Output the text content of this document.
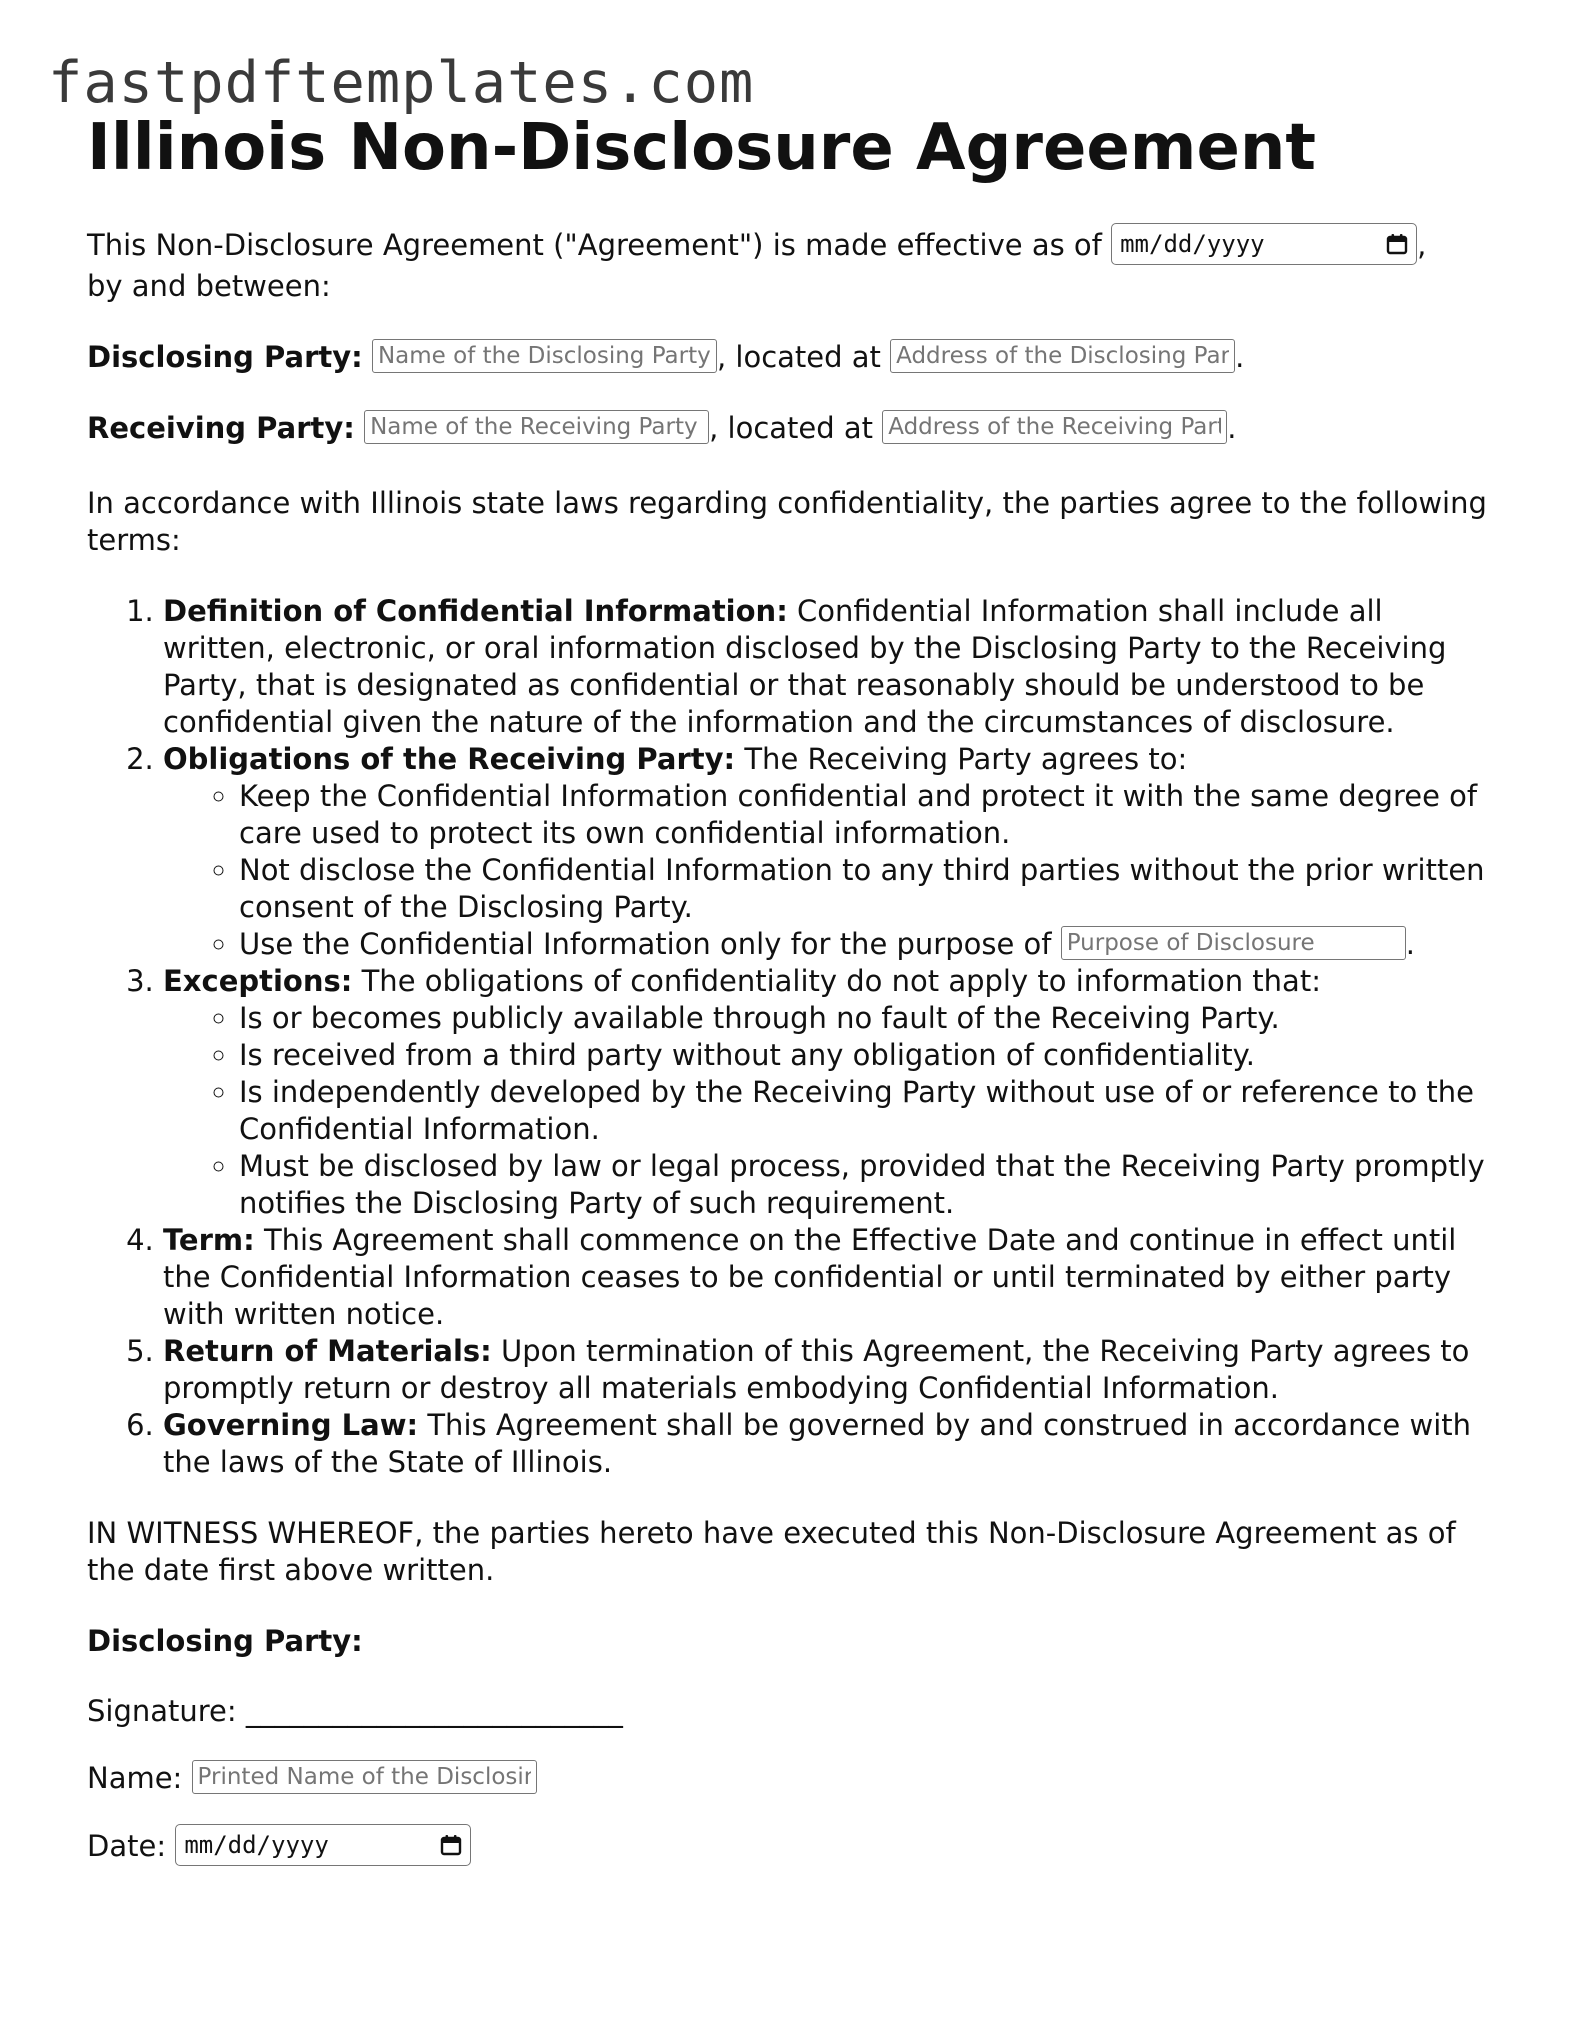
fastpdftemplates.com
Illinois Non-Disclosure Agreement

This Non-Disclosure Agreement ("Agreement") is made effective as of mm/dd/yyyy	,
by and between:

Disclosing Party: Name of the Disclosing Party	, located at Address of the Disclosing Party	.
Receiving Party: Name of the Receiving Party	, located at Address of the Receiving Party	.

In accordance with Illinois state laws regarding confidentiality, the parties agree to the following terms:

1. Definition of Confidential Information: Confidential Information shall include all written, electronic, or oral information disclosed by the Disclosing Party to the Receiving Party, that is designated as confidential or that reasonably should be understood to be confidential given the nature of the information and the circumstances of disclosure.
2. Obligations of the Receiving Party: The Receiving Party agrees to:
◦ Keep the Confidential Information confidential and protect it with the same degree of care used to protect its own confidential information.
◦ Not disclose the Confidential Information to any third parties without the prior written consent of the Disclosing Party.
◦ Use the Confidential Information only for the purpose of Purpose of Disclosure	.
3. Exceptions: The obligations of confidentiality do not apply to information that:
◦ Is or becomes publicly available through no fault of the Receiving Party.
◦ Is received from a third party without any obligation of confidentiality.
◦ Is independently developed by the Receiving Party without use of or reference to the Confidential Information.
◦ Must be disclosed by law or legal process, provided that the Receiving Party promptly notifies the Disclosing Party of such requirement.
4. Term: This Agreement shall commence on the Effective Date and continue in effect until the Confidential Information ceases to be confidential or until terminated by either party with written notice.
5. Return of Materials: Upon termination of this Agreement, the Receiving Party agrees to promptly return or destroy all materials embodying Confidential Information.
6. Governing Law: This Agreement shall be governed by and construed in accordance with the laws of the State of Illinois.

IN WITNESS WHEREOF, the parties hereto have executed this Non-Disclosure Agreement as of the date first above written.

Disclosing Party:
Signature: __________________________
Name: Printed Name of the Disclosing Party
Date: mm/dd/yyyy
